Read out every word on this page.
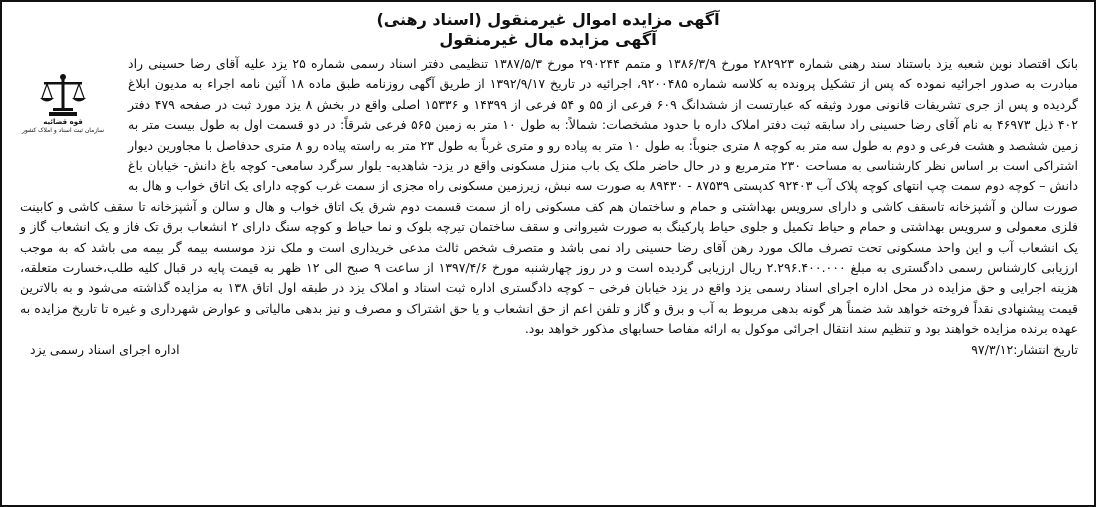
آگهی مزایده اموال غیرمنقول (اسناد رهنی)
آگهی مزایده مال غیرمنقول
قوه قضائیه
سازمان ثبت اسناد و املاک کشور
بانک اقتصاد نوین شعبه یزد باستناد سند رهنی شماره ۲۸۲۹۲۳ مورخ ۱۳۸۶/۳/۹ و متمم ۲۹۰۲۴۴ مورخ ۱۳۸۷/۵/۳ تنظیمی دفتر اسناد رسمی شماره ۲۵ یزد علیه آقای رضا حسینی راد مبادرت به صدور اجرائیه نموده که پس از تشکیل پرونده به کلاسه شماره ۹۲۰۰۴۸۵، اجرائیه در تاریخ ۱۳۹۲/۹/۱۷ از طریق آگهی روزنامه طبق ماده ۱۸ آئین نامه اجراء به مدیون ابلاغ گردیده و پس از جری تشریفات قانونی مورد وثیقه که عبارتست از ششدانگ ۶۰۹ فرعی از ۵۵ و ۵۴ فرعی از ۱۴۳۹۹ و ۱۵۳۳۶ اصلی واقع در بخش ۸ یزد مورد ثبت در صفحه ۴۷۹ دفتر ۴۰۲ ذیل ۴۶۹۷۳ به نام آقای رضا حسینی راد سابقه ثبت دفتر املاک داره با حدود مشخصات: شمالاً: به طول ۱۰ متر به زمین ۵۶۵ فرعی شرقاً: در دو قسمت اول به طول بیست متر به زمین ششصد و هشت فرعی و دوم به طول سه متر به کوچه ۸ متری جنوباً: به طول ۱۰ متر به پیاده رو و متری غرباً به طول ۲۳ متر به راسته پیاده رو ۸ متری حدفاصل با مجاورین دیوار اشتراکی است بر اساس نظر کارشناسی به مساحت ۲۳۰ مترمربع و در حال حاضر ملک یک باب منزل مسکونی واقع در یزد- شاهدیه- بلوار سرگرد سامعی- کوچه باغ دانش- خیابان باغ دانش – کوچه دوم سمت چپ انتهای کوچه پلاک آب ۹۲۴۰۳ کدپستی ۸۷۵۳۹ - ۸۹۴۳۰ به صورت سه نبش، زیرزمین مسکونی راه مجزی از سمت غرب کوچه دارای یک اتاق خواب و هال به صورت سالن و آشپزخانه تاسقف کاشی و دارای سرویس بهداشتی و حمام و ساختمان هم کف مسکونی راه از سمت قسمت دوم شرق یک اتاق خواب و هال و سالن و آشپزخانه تا سقف کاشی و کابینت فلزی معمولی و سرویس بهداشتی و حمام و حیاط تکمیل و جلوی حیاط پارکینگ به صورت شیروانی و سقف ساختمان تیرچه بلوک و نما حیاط و کوچه سنگ دارای ۲ انشعاب برق تک فاز و یک انشعاب گاز و یک انشعاب آب و این واحد مسکونی تحت تصرف مالک مورد رهن آقای رضا حسینی راد نمی باشد و متصرف شخص ثالث مدعی خریداری است و ملک نزد موسسه بیمه گر بیمه می باشد که به موجب ارزیابی کارشناس رسمی دادگستری به مبلغ ۲.۲۹۶.۴۰۰.۰۰۰ ریال ارزیابی گردیده است و در روز چهارشنبه مورخ ۱۳۹۷/۴/۶ از ساعت ۹ صبح الی ۱۲ ظهر به قیمت پایه در قبال کلیه طلب،خسارت متعلقه، هزینه اجرایی و حق مزایده در محل اداره اجرای اسناد رسمی یزد واقع در یزد خیابان فرخی – کوچه دادگستری اداره ثبت اسناد و املاک یزد در طبقه اول اتاق ۱۳۸ به مزایده گذاشته می‌شود و به بالاترین قیمت پیشنهادی نقداً فروخته خواهد شد ضمناً هر گونه بدهی مربوط به آب و برق و گاز و تلفن اعم از حق انشعاب و یا حق اشتراک و مصرف و نیز بدهی مالیاتی و عوارض شهرداری و غیره تا تاریخ مزایده به عهده برنده مزایده خواهند بود و تنظیم سند انتقال اجرائی موکول به ارائه مفاصا حسابهای مذکور خواهد بود.
تاریخ انتشار:۹۷/۳/۱۲
اداره اجرای اسناد رسمی یزد
